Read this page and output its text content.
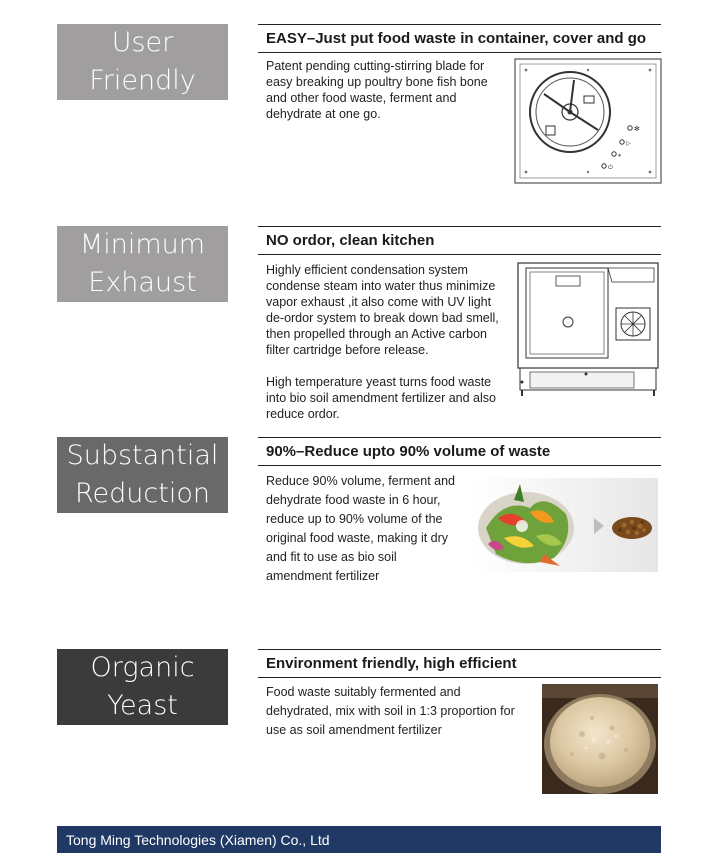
User
Friendly
EASY–Just put food waste in container, cover and go

Patent pending cutting-stirring blade for easy breaking up poultry bone fish bone and other food waste, ferment and dehydrate at one go.

✻
▷
⏸
⏻
Minimum
Exhaust
NO ordor, clean kitchen

Highly efficient condensation system condense steam into water thus minimize vapor exhaust ,it also come with UV light de-ordor system to break down bad smell, then propelled through an Active carbon filter cartridge before release.

High temperature yeast turns food waste into bio soil amendment fertilizer and also reduce ordor.

Substantial
Reduction
90%–Reduce upto 90% volume of waste

Reduce 90% volume, ferment and dehydrate food waste in 6 hour, reduce up to 90% volume of the original food waste, making it dry and fit to use as bio soil amendment fertilizer

Organic
Yeast
Environment friendly, high efficient

Food waste suitably fermented and dehydrated, mix with soil in 1:3 proportion for use as soil amendment fertilizer

Tong Ming Technologies (Xiamen) Co., Ltd
